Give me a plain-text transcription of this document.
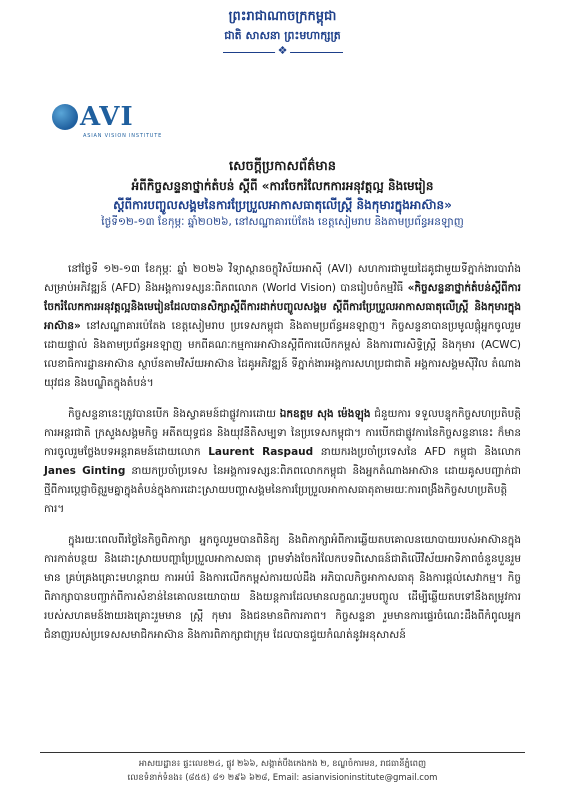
ព្រះរាជាណាចក្រកម្ពុជា
ជាតិ សាសនា ព្រះមហាក្សត្រ
❖
AVI
ASIAN VISION INSTITUTE
សេចក្ដីប្រកាសព័ត៌មាន
អំពីកិច្ចសន្ទនាថ្នាក់តំបន់ ស្ដីពី «ការចែករំលែកការអនុវត្តល្អ និងមេរៀន
ស្ដីពីការបញ្ចូលសង្គមនៃការប្រែប្រួលអាកាសធាតុលើស្ត្រី និងកុមារក្នុងអាស៊ាន»
ថ្ងៃទី១២-១៣ ខែកុម្ភៈ ឆ្នាំ២០២៦, នៅសណ្ឋាគារប៉េតែង ខេត្តសៀមរាប និងតាមប្រព័ន្ធអនឡាញ

នៅថ្ងៃទី ១២-១៣ ខែកុម្ភៈ ឆ្នាំ ២០២៦ វិទ្យាស្ថានចក្ខុវិស័យអាស៊ី (AVI) សហការជាមួយដៃគូជាមួយទីភ្នាក់ងារបារាំងសម្រាប់អភិវឌ្ឍន៍ (AFD) និងអង្គការទស្សនៈពិភពលោក (World Vision) បានរៀបចំកម្មវិធី «កិច្ចសន្ទនាថ្នាក់តំបន់ស្ដីពីការចែករំលែកការអនុវត្តល្អនិងមេរៀនដែលបានសិក្សាស្ដីពីការដាក់បញ្ចូលសង្គម ស្ដីពីការប្រែប្រួលអាកាសធាតុលើស្ត្រី និងកុមារក្នុងអាស៊ាន» នៅសណ្ឋាគារប៉េតែង ខេត្តសៀមរាប ប្រទេសកម្ពុជា និងតាមប្រព័ន្ធអនឡាញ។ កិច្ចសន្ទនាបានប្រមូលផ្តុំអ្នកចូលរួមដោយផ្ទាល់ និងតាមប្រព័ន្ធអនឡាញ មកពីគណៈកម្មការអាស៊ានស្ដីពីការលើកកម្ពស់ និងការពារសិទ្ធិស្ត្រី និងកុមារ (ACWC) លេខាធិការដ្ឋានអាស៊ាន ស្ថាប័នតាមវិស័យអាស៊ាន ដៃគូអភិវឌ្ឍន៍ ទីភ្នាក់ងារអង្គការសហប្រជាជាតិ អង្គការសង្គមស៊ីវិល តំណាងយុវជន និងបណ្ឌិតក្នុងតំបន់។

កិច្ចសន្ទនានេះត្រូវបានបើក និងស្វាគមន៍ជាផ្លូវការដោយ ឯកឧត្ដម សុង ម៉េងឡុង ជំនួយការ ទទួលបន្ទុកកិច្ចសហប្រតិបត្តិការអន្តរជាតិ ក្រសួងសង្គមកិច្ច អតីតយុទ្ធជន និងយុវនីតិសម្បទា នៃប្រទេសកម្ពុជា។ ការបើកជាផ្លូវការនៃកិច្ចសន្ទនានេះ ក៏មានការចូលរួមថ្លែងបទអន្តរាគមន៍ដោយលោក Laurent Raspaud នាយករងប្រចាំប្រទេសនៃ AFD កម្ពុជា និងលោក Janes Ginting នាយកប្រចាំប្រទេស នៃអង្គការទស្សនៈពិភពលោកកម្ពុជា និងអ្នកតំណាងអាស៊ាន ដោយគូសបញ្ជាក់ជាថ្មីពីការប្តេជ្ញាចិត្តរួមគ្នាក្នុងតំបន់ក្នុងការដោះស្រាយបញ្ហាសង្គមនៃការប្រែប្រួលអាកាសធាតុតាមរយៈការពង្រឹងកិច្ចសហប្រតិបត្តិការ។

ក្នុងរយៈពេលពីរថ្ងៃនៃកិច្ចពិភាក្សា អ្នកចូលរួមបានពិនិត្យ និងពិភាក្សាអំពីការឆ្លើយតបគោលនយោបាយរបស់អាស៊ានក្នុងការកាត់បន្ថយ និងដោះស្រាយបញ្ហាប្រែប្រួលអាកាសធាតុ ព្រមទាំងចែករំលែកបទពិសោធន៍ជាតិលើវិស័យអាទិភាពចំនួនបួនរួមមាន គ្រប់គ្រងគ្រោះមហន្តរាយ ការអប់រំ និងការលើកកម្ពស់ការយល់ដឹង អភិបាលកិច្ចអាកាសធាតុ និងការផ្តល់សេវាកម្ម។ កិច្ចពិភាក្សាបានបញ្ជាក់ពីការសំខាន់នៃគោលនយោបាយ និងយន្តការដែលមានលក្ខណៈរួមបញ្ចូល ដើម្បីឆ្លើយតបទៅនឹងតម្រូវការរបស់សហគមន៍ងាយរងគ្រោះរួមមាន ស្ត្រី កុមារ និងជនមានពិការភាព។ កិច្ចសន្ទនា រួមមានការផ្ទេរចំណេះដឹងពីកំពូលអ្នកជំនាញរបស់ប្រទេសសមាជិកអាស៊ាន និងការពិភាក្សាជាក្រុម ដែលបានជួយកំណត់នូវអនុសាសន៍

អាសយដ្ឋាន៖ ផ្ទះលេខ២៤, ផ្លូវ ២៦៦, សង្កាត់បឹងកេងកង ២, ខណ្ឌចំការមន, រាជធានីភ្នំពេញ
លេខទំនាក់ទំនង៖ (៨៥៥) ៨១ ២៩៦ ៦២៨, Email: asianvisioninstitute@gmail.com
